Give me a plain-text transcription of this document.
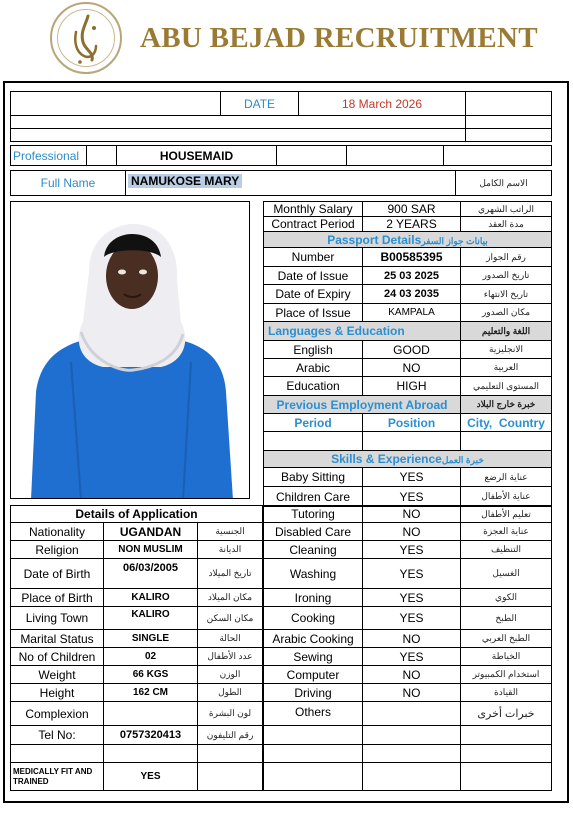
ABU BEJAD RECRUITMENT
	DATE	18 March 2026	

Professional		HOUSEMAID			
Full Name	NAMUKOSE MARY	الاسم الكامل
Monthly Salary	900 SAR	الراتب الشهري
Contract Period	2 YEARS	مدة العقد
Passport Detailsبيانات جواز السفر		
Number	B00585395	رقم الجواز
Date of Issue	25 03 2025	تاريخ الصدور
Date of Expiry	24 03 2035	تاريخ الانتهاء
Place of Issue	KAMPALA	مكان الصدور
Languages & Education		اللغة والتعليم
English	GOOD	الانجليزية
Arabic	NO	العربية
Education	HIGH	المستوى التعليمي
Previous Employment Abroad		خبرة خارج البلاد
Period	Position	City, Country

Skills & Experienceخبرة العمل		
Baby Sitting	YES	عناية الرضع
Children Care	YES	عناية الأطفال
Details of Application		
Nationality	UGANDAN	الجنسية
Religion	NON MUSLIM	الديانة
Date of Birth	06/03/2005	تاريخ الميلاد
Place of Birth	KALIRO	مكان الميلاد
Living Town	KALIRO	مكان السكن
Marital Status	SINGLE	الحالة
No of Children	02	عدد الأطفال
Weight	66 KGS	الوزن
Height	162 CM	الطول
Complexion		لون البشرة
Tel No:	0757320413	رقم التليفون

MEDICALLY FIT AND TRAINED	YES	
Tutoring	NO	تعليم الأطفال
Disabled Care	NO	عناية العجزة
Cleaning	YES	التنظيف
Washing	YES	الغسيل
Ironing	YES	الكوي
Cooking	YES	الطبخ
Arabic Cooking	NO	الطبخ العربي
Sewing	YES	الخياطة
Computer	NO	استخدام الكمبيوتر
Driving	NO	القيادة
Others		خبرات أخرى
